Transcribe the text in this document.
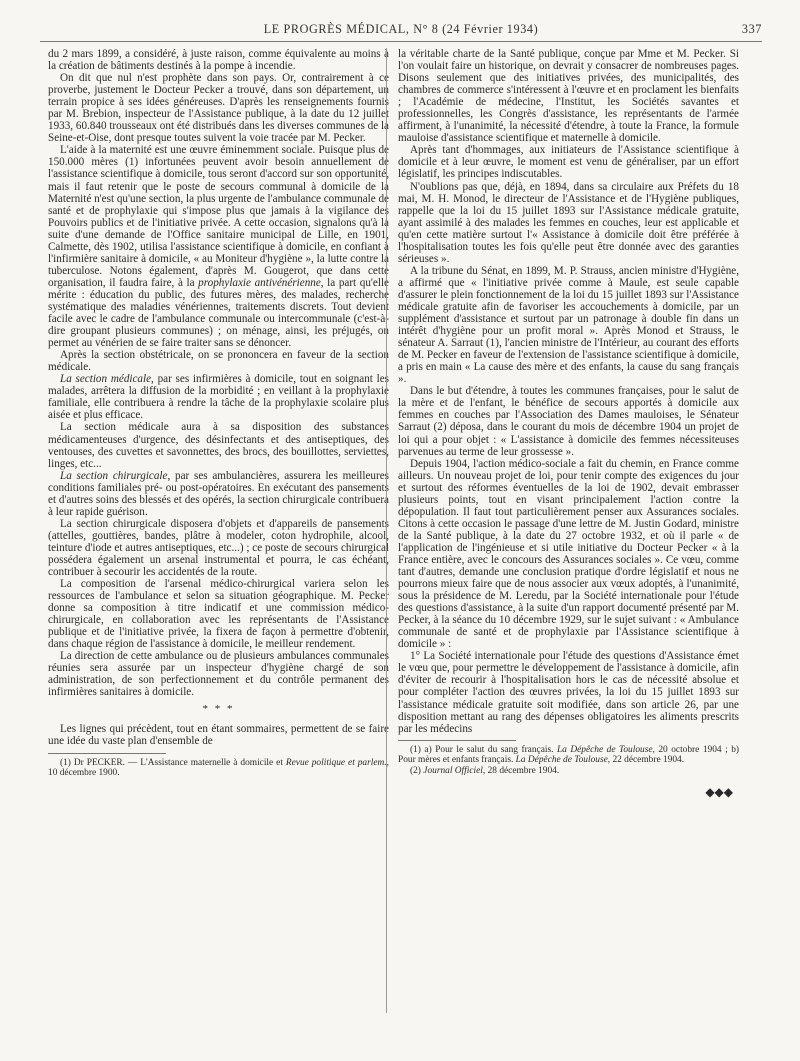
LE PROGRÈS MÉDICAL, N° 8 (24 Février 1934)	337

du 2 mars 1899, a considéré, à juste raison, comme équivalente au moins à la création de bâtiments destinés à la pompe à incendie.

On dit que nul n'est prophète dans son pays. Or, contrairement à ce proverbe, justement le Docteur Pecker a trouvé, dans son département, un terrain propice à ses idées généreuses. D'après les renseignements fournis par M. Brebion, inspecteur de l'Assistance publique, à la date du 12 juillet 1933, 60.840 trousseaux ont été distribués dans les diverses communes de la Seine-et-Oise, dont presque toutes suivent la voie tracée par M. Pecker.

L'aide à la maternité est une œuvre éminemment sociale. Puisque plus de 150.000 mères (1) infortunées peuvent avoir besoin annuellement de l'assistance scientifique à domicile, tous seront d'accord sur son opportunité, mais il faut retenir que le poste de secours communal à domicile de la Maternité n'est qu'une section, la plus urgente de l'ambulance communale de santé et de prophylaxie qui s'impose plus que jamais à la vigilance des Pouvoirs publics et de l'initiative privée. A cette occasion, signalons qu'à la suite d'une demande de l'Office sanitaire municipal de Lille, en 1901, Calmette, dès 1902, utilisa l'assistance scientifique à domicile, en confiant à l'infirmière sanitaire à domicile, « au Moniteur d'hygiène », la lutte contre la tuberculose. Notons également, d'après M. Gougerot, que dans cette organisation, il faudra faire, à la prophylaxie antivénérienne, la part qu'elle mérite : éducation du public, des futures mères, des malades, recherche systématique des maladies vénériennes, traitements discrets. Tout devient facile avec le cadre de l'ambulance communale ou intercommunale (c'est-à-dire groupant plusieurs communes) ; on ménage, ainsi, les préjugés, on permet au vénérien de se faire traiter sans se dénoncer.

Après la section obstétricale, on se prononcera en faveur de la section médicale.

La section médicale, par ses infirmières à domicile, tout en soignant les malades, arrêtera la diffusion de la morbidité ; en veillant à la prophylaxie familiale, elle contribuera à rendre la tâche de la prophylaxie scolaire plus aisée et plus efficace.

La section médicale aura à sa disposition des substances médicamenteuses d'urgence, des désinfectants et des antiseptiques, des ventouses, des cuvettes et savonnettes, des brocs, des bouillottes, serviettes, linges, etc...

La section chirurgicale, par ses ambulancières, assurera les meilleures conditions familiales pré- ou post-opératoires. En exécutant des pansements et d'autres soins des blessés et des opérés, la section chirurgicale contribuera à leur rapide guérison.

La section chirurgicale disposera d'objets et d'appareils de pansements (attelles, gouttières, bandes, plâtre à modeler, coton hydrophile, alcool, teinture d'iode et autres antiseptiques, etc...) ; ce poste de secours chirurgical possédera également un arsenal instrumental et pourra, le cas échéant, contribuer à secourir les accidentés de la route.

La composition de l'arsenal médico-chirurgical variera selon les ressources de l'ambulance et selon sa situation géographique. M. Pecker donne sa composition à titre indicatif et une commission médico-chirurgicale, en collaboration avec les représentants de l'Assistance publique et de l'initiative privée, la fixera de façon à permettre d'obtenir, dans chaque région de l'assistance à domicile, le meilleur rendement.

La direction de cette ambulance ou de plusieurs ambulances communales réunies sera assurée par un inspecteur d'hygiène chargé de son administration, de son perfectionnement et du contrôle permanent des infirmières sanitaires à domicile.

* * *

Les lignes qui précèdent, tout en étant sommaires, permettent de se faire une idée du vaste plan d'ensemble de

(1) Dr PECKER. — L'Assistance maternelle à domicile et Revue politique et parlem., 10 décembre 1900.

la véritable charte de la Santé publique, conçue par Mme et M. Pecker. Si l'on voulait faire un historique, on devrait y consacrer de nombreuses pages. Disons seulement que des initiatives privées, des municipalités, des chambres de commerce s'intéressent à l'œuvre et en proclament les bienfaits ; l'Académie de médecine, l'Institut, les Sociétés savantes et professionnelles, les Congrès d'assistance, les représentants de l'armée affirment, à l'unanimité, la nécessité d'étendre, à toute la France, la formule mauloise d'assistance scientifique et maternelle à domicile.

Après tant d'hommages, aux initiateurs de l'Assistance scientifique à domicile et à leur œuvre, le moment est venu de généraliser, par un effort législatif, les principes indiscutables.

N'oublions pas que, déjà, en 1894, dans sa circulaire aux Préfets du 18 mai, M. H. Monod, le directeur de l'Assistance et de l'Hygiène publiques, rappelle que la loi du 15 juillet 1893 sur l'Assistance médicale gratuite, ayant assimilé à des malades les femmes en couches, leur est applicable et qu'en cette matière surtout l'« Assistance à domicile doit être préférée à l'hospitalisation toutes les fois qu'elle peut être donnée avec des garanties sérieuses ».

A la tribune du Sénat, en 1899, M. P. Strauss, ancien ministre d'Hygiène, a affirmé que « l'initiative privée comme à Maule, est seule capable d'assurer le plein fonctionnement de la loi du 15 juillet 1893 sur l'Assistance médicale gratuite afin de favoriser les accouchements à domicile, par un supplément d'assistance et surtout par un patronage à double fin dans un intérêt d'hygiène pour un profit moral ». Après Monod et Strauss, le sénateur A. Sarraut (1), l'ancien ministre de l'Intérieur, au courant des efforts de M. Pecker en faveur de l'extension de l'assistance scientifique à domicile, a pris en main « La cause des mère et des enfants, la cause du sang français ».

Dans le but d'étendre, à toutes les communes françaises, pour le salut de la mère et de l'enfant, le bénéfice de secours apportés à domicile aux femmes en couches par l'Association des Dames mauloises, le Sénateur Sarraut (2) déposa, dans le courant du mois de décembre 1904 un projet de loi qui a pour objet : « L'assistance à domicile des femmes nécessiteuses parvenues au terme de leur grossesse ».

Depuis 1904, l'action médico-sociale a fait du chemin, en France comme ailleurs. Un nouveau projet de loi, pour tenir compte des exigences du jour et surtout des réformes éventuelles de la loi de 1902, devait embrasser plusieurs points, tout en visant principalement l'action contre la dépopulation. Il faut tout particulièrement penser aux Assurances sociales. Citons à cette occasion le passage d'une lettre de M. Justin Godard, ministre de la Santé publique, à la date du 27 octobre 1932, et où il parle « de l'application de l'ingénieuse et si utile initiative du Docteur Pecker « à la France entière, avec le concours des Assurances sociales ». Ce vœu, comme tant d'autres, demande une conclusion pratique d'ordre législatif et nous ne pourrons mieux faire que de nous associer aux vœux adoptés, à l'unanimité, sous la présidence de M. Leredu, par la Société internationale pour l'étude des questions d'assistance, à la suite d'un rapport documenté présenté par M. Pecker, à la séance du 10 décembre 1929, sur le sujet suivant : « Ambulance communale de santé et de prophylaxie par l'Assistance scientifique à domicile » :

1° La Société internationale pour l'étude des questions d'Assistance émet le vœu que, pour permettre le développement de l'assistance à domicile, afin d'éviter de recourir à l'hospitalisation hors le cas de nécessité absolue et pour compléter l'action des œuvres privées, la loi du 15 juillet 1893 sur l'assistance médicale gratuite soit modifiée, dans son article 26, par une disposition mettant au rang des dépenses obligatoires les aliments prescrits par les médecins

(1) a) Pour le salut du sang français. La Dépêche de Toulouse, 20 octobre 1904 ; b) Pour mères et enfants français. La Dépêche de Toulouse, 22 décembre 1904.

(2) Journal Officiel, 28 décembre 1904.

◆◆◆
